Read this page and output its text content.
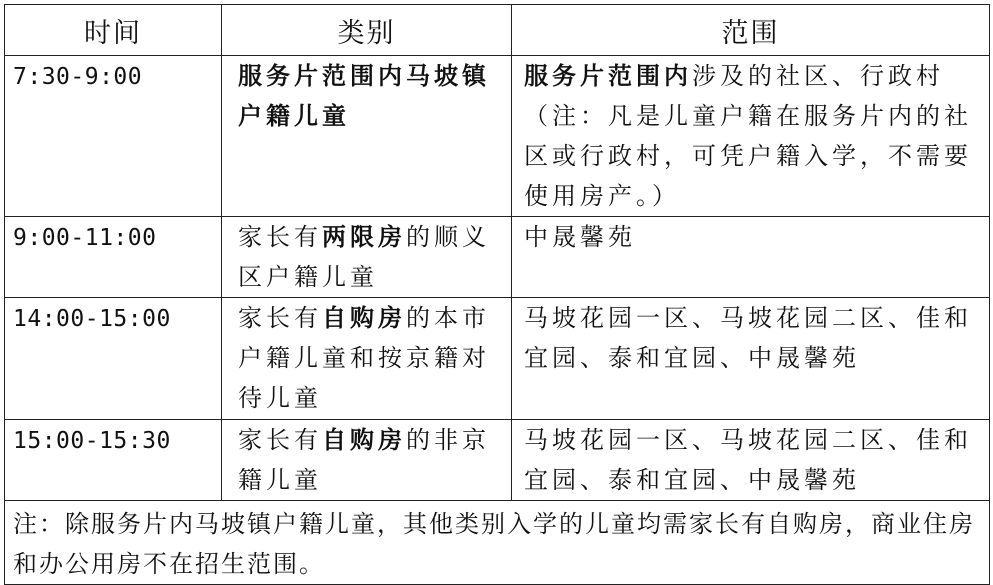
时间	类别	范围
7:30-9:00	服务片范围内马坡镇户籍儿童	服务片范围内涉及的社区、行政村（注：凡是儿童户籍在服务片内的社区或行政村，可凭户籍入学，不需要使用房产。）
9:00-11:00	家长有两限房的顺义区户籍儿童	中晟馨苑
14:00-15:00	家长有自购房的本市户籍儿童和按京籍对待儿童	马坡花园一区、马坡花园二区、佳和宜园、泰和宜园、中晟馨苑
15:00-15:30	家长有自购房的非京籍儿童	马坡花园一区、马坡花园二区、佳和宜园、泰和宜园、中晟馨苑
注：除服务片内马坡镇户籍儿童，其他类别入学的儿童均需家长有自购房，商业住房和办公用房不在招生范围。		
